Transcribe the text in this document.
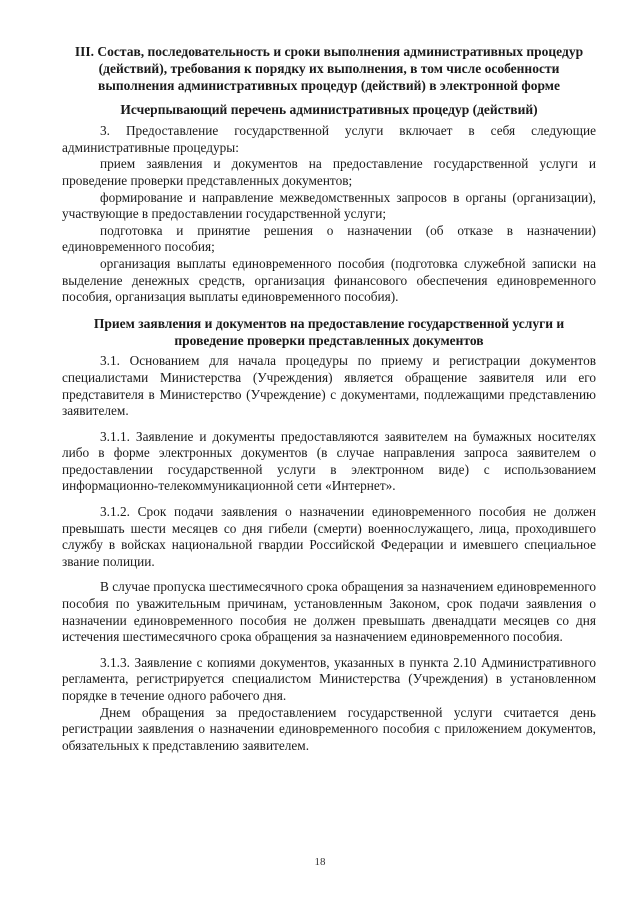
III. Состав, последовательность и сроки выполнения административных процедур (действий), требования к порядку их выполнения, в том числе особенности выполнения административных процедур (действий) в электронной форме
Исчерпывающий перечень административных процедур (действий)

3. Предоставление государственной услуги включает в себя следующие административные процедуры:

прием заявления и документов на предоставление государственной услуги и проведение проверки представленных документов;

формирование и направление межведомственных запросов в органы (организации), участвующие в предоставлении государственной услуги;

подготовка и принятие решения о назначении (об отказе в назначении) единовременного пособия;

организация выплаты единовременного пособия (подготовка служебной записки на выделение денежных средств, организация финансового обеспечения единовременного пособия, организация выплаты единовременного пособия).

Прием заявления и документов на предоставление государственной услуги и проведение проверки представленных документов

3.1. Основанием для начала процедуры по приему и регистрации документов специалистами Министерства (Учреждения) является обращение заявителя или его представителя в Министерство (Учреждение) с документами, подлежащими представлению заявителем.

3.1.1. Заявление и документы предоставляются заявителем на бумажных носителях либо в форме электронных документов (в случае направления запроса заявителем о предоставлении государственной услуги в электронном виде) с использованием информационно-телекоммуникационной сети «Интернет».

3.1.2. Срок подачи заявления о назначении единовременного пособия не должен превышать шести месяцев со дня гибели (смерти) военнослужащего, лица, проходившего службу в войсках национальной гвардии Российской Федерации и имевшего специальное звание полиции.

В случае пропуска шестимесячного срока обращения за назначением единовременного пособия по уважительным причинам, установленным Законом, срок подачи заявления о назначении единовременного пособия не должен превышать двенадцати месяцев со дня истечения шестимесячного срока обращения за назначением единовременного пособия.

3.1.3. Заявление с копиями документов, указанных в пункта 2.10 Административного регламента, регистрируется специалистом Министерства (Учреждения) в установленном порядке в течение одного рабочего дня.

Днем обращения за предоставлением государственной услуги считается день регистрации заявления о назначении единовременного пособия с приложением документов, обязательных к представлению заявителем.

18
